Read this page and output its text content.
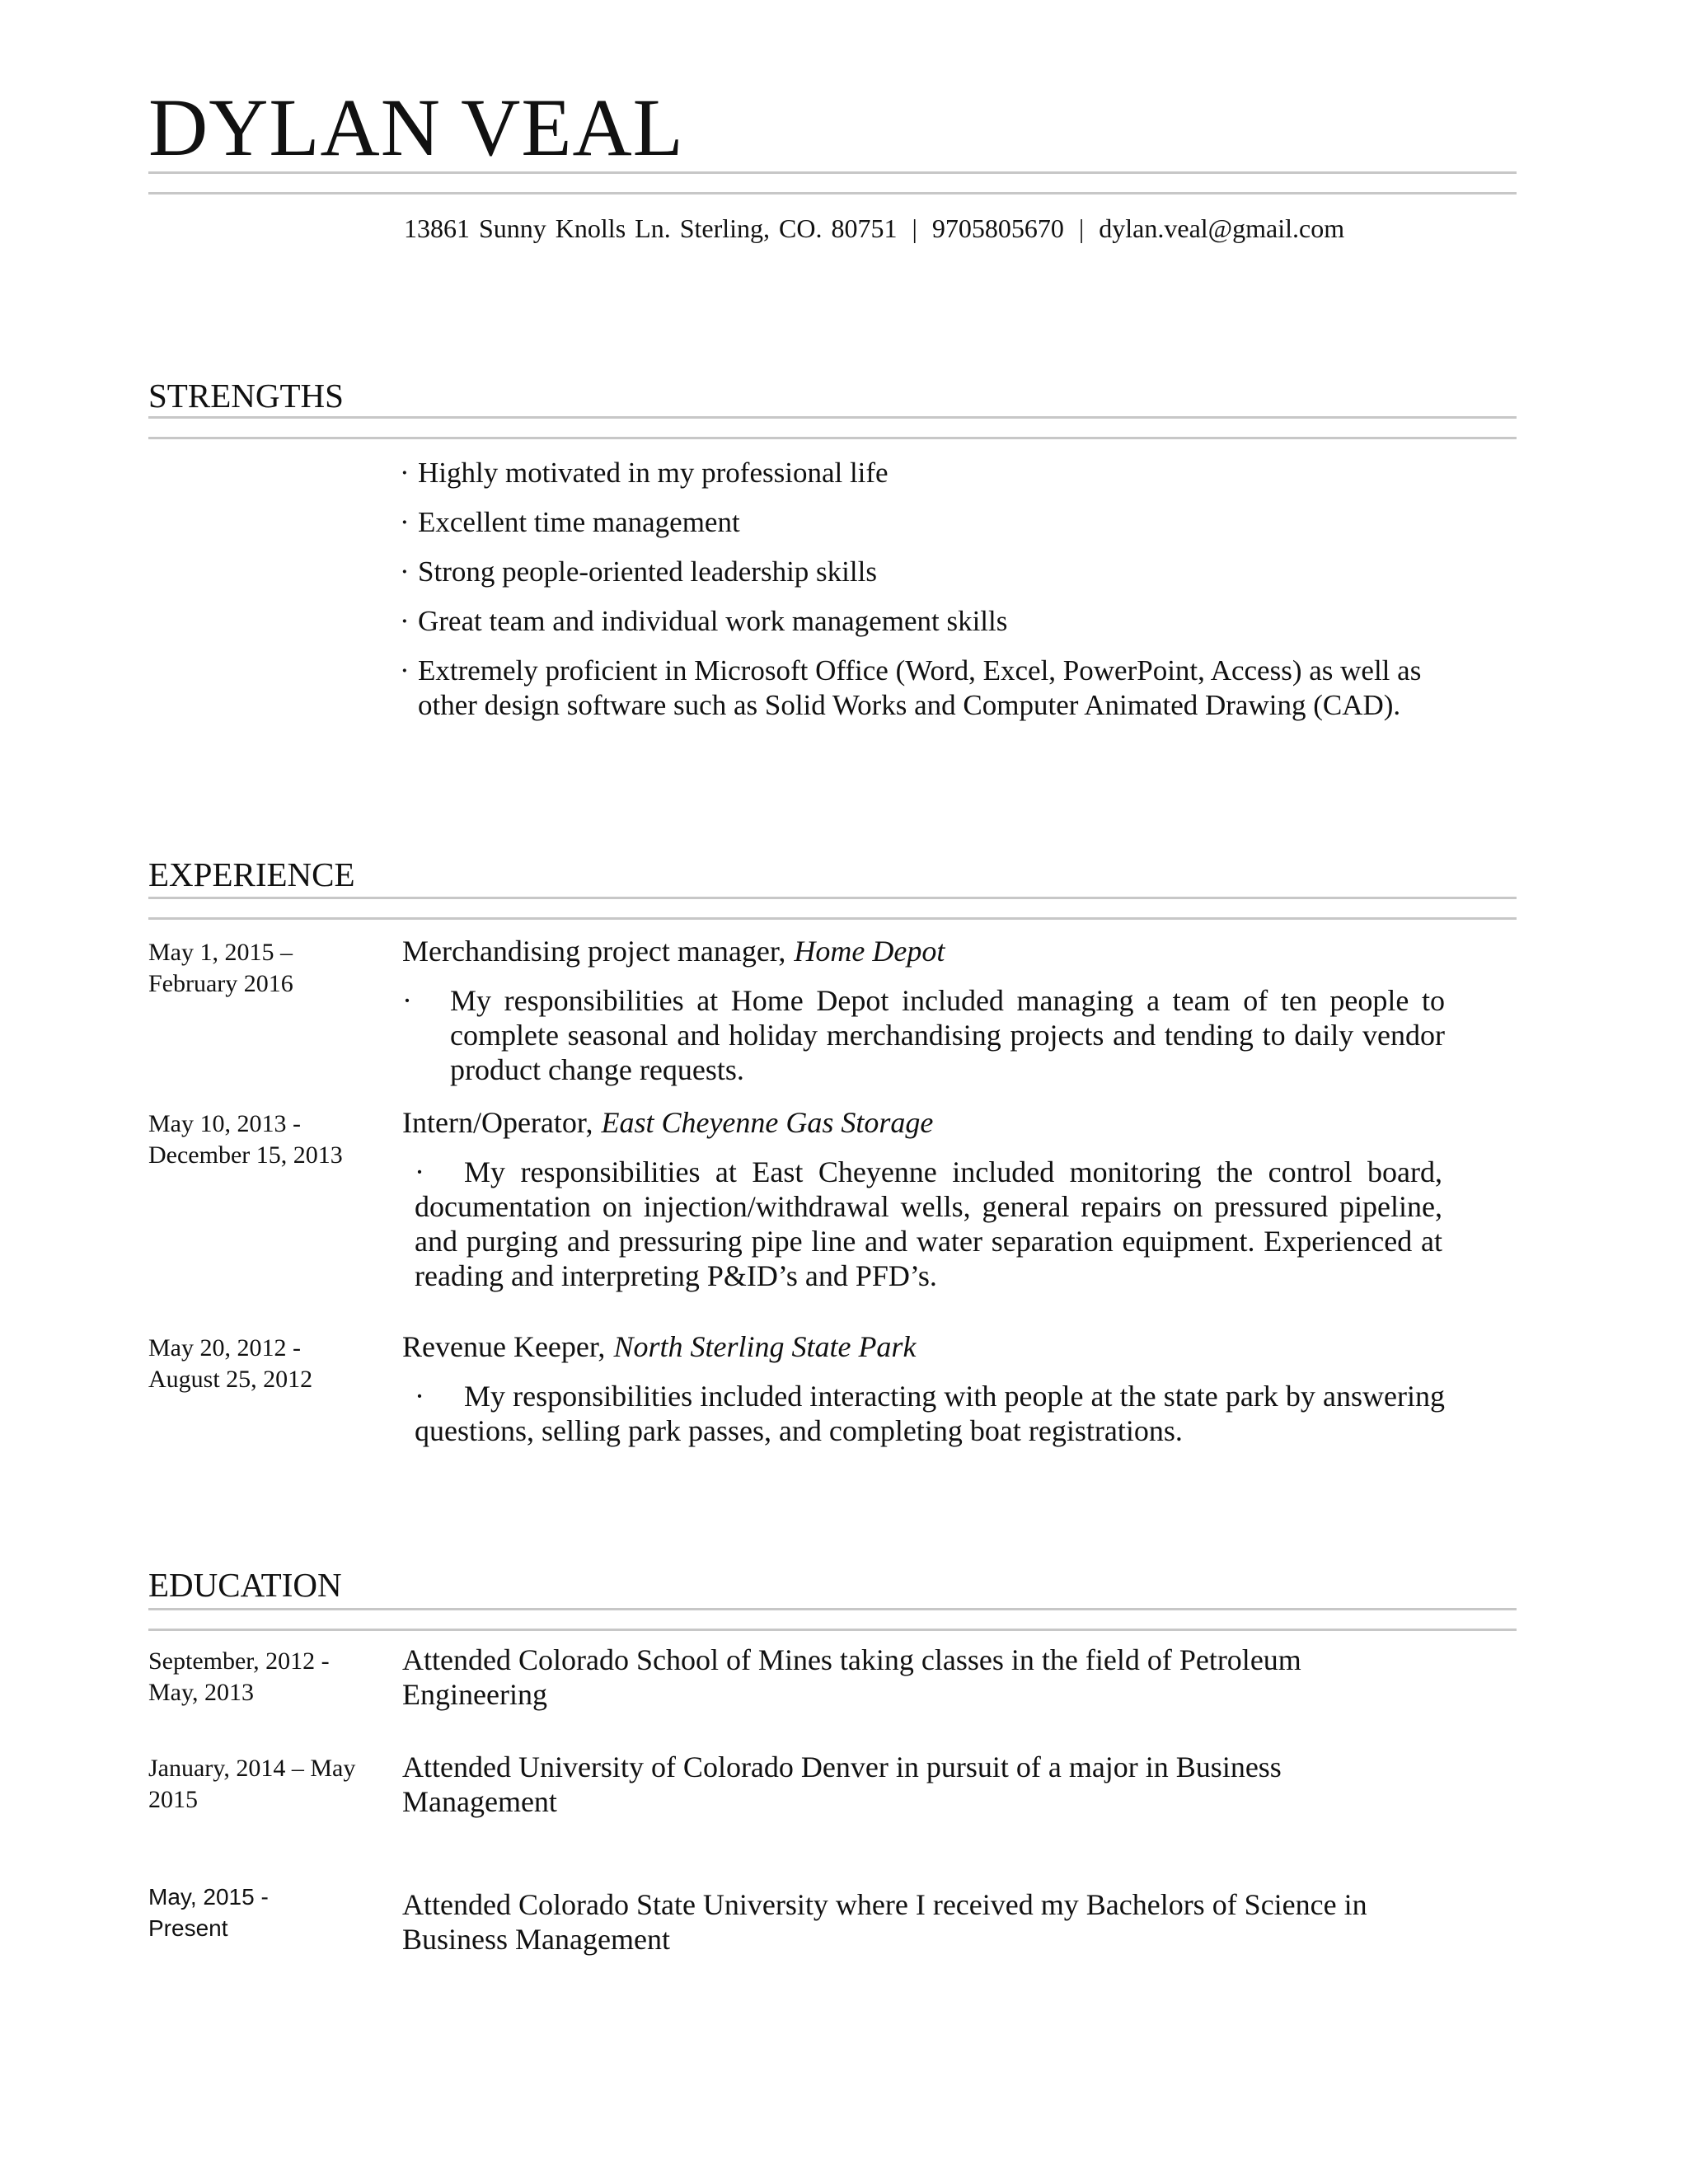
DYLAN VEAL
13861 Sunny Knolls Ln. Sterling, CO. 80751 | 9705805670 | dylan.veal@gmail.com
STRENGTHS
· Highly motivated in my professional life
· Excellent time management
· Strong people-oriented leadership skills
· Great team and individual work management skills
· Extremely proficient in Microsoft Office (Word, Excel, PowerPoint, Access) as well as other design software such as Solid Works and Computer Animated Drawing (CAD).
EXPERIENCE
May 1, 2015 –
February 2016
Merchandising project manager, Home Depot
·	My responsibilities at Home Depot included managing a team of ten people to complete seasonal and holiday merchandising projects and tending to daily vendor product change requests.
May 10, 2013 -
December 15, 2013
Intern/Operator, East Cheyenne Gas Storage
· My responsibilities at East Cheyenne included monitoring the control board, documentation on injection/withdrawal wells, general repairs on pressured pipeline, and purging and pressuring pipe line and water separation equipment. Experienced at reading and interpreting P&ID’s and PFD’s.
May 20, 2012 -
August 25, 2012
Revenue Keeper, North Sterling State Park
· My responsibilities included interacting with people at the state park by answering questions, selling park passes, and completing boat registrations.
EDUCATION
September, 2012 -
May, 2013
Attended Colorado School of Mines taking classes in the field of Petroleum Engineering
January, 2014 – May
2015
Attended University of Colorado Denver in pursuit of a major in Business Management
May, 2015 -
Present
Attended Colorado State University where I received my Bachelors of Science in Business Management
